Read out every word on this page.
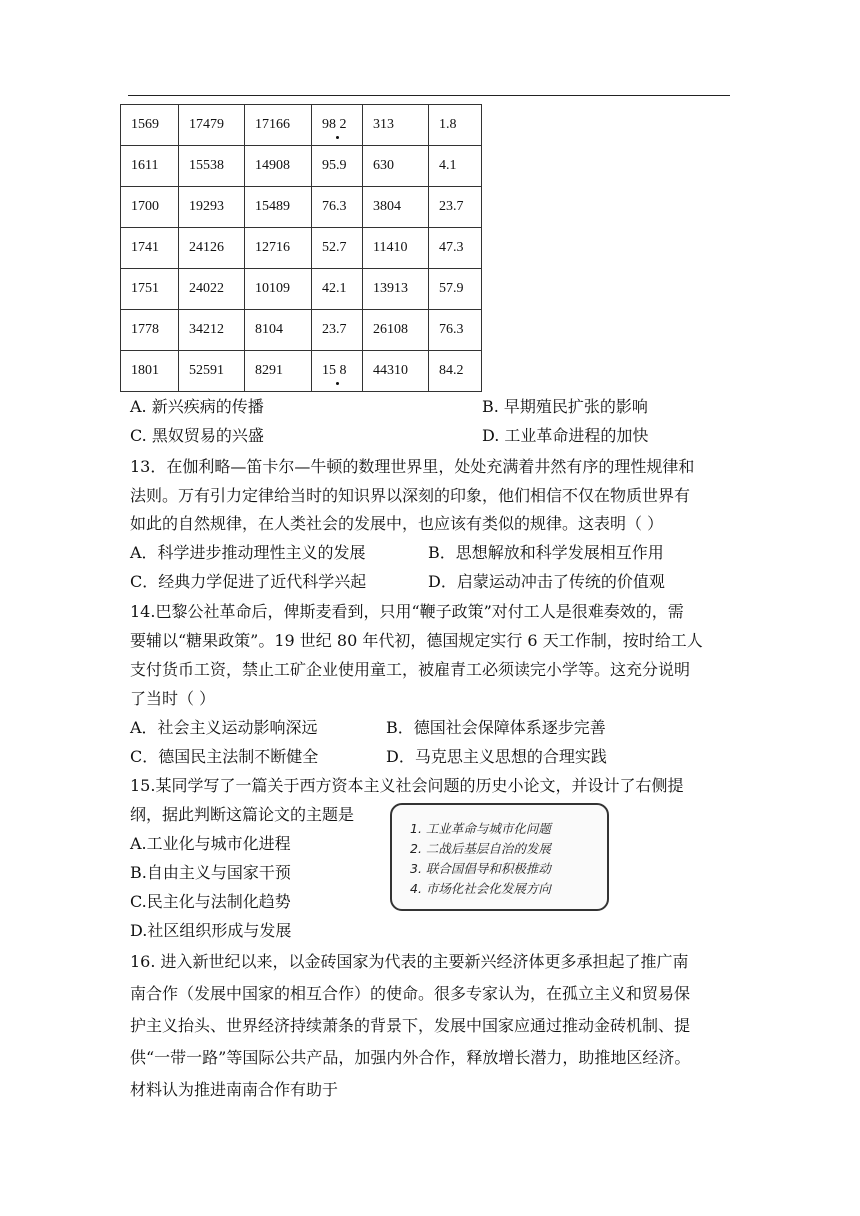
1569	17479	17166	98 2	313	1.8
1611	15538	14908	95.9	630	4.1
1700	19293	15489	76.3	3804	23.7
1741	24126	12716	52.7	11410	47.3
1751	24022	10109	42.1	13913	57.9
1778	34212	8104	23.7	26108	76.3
1801	52591	8291	15 8	44310	84.2
A. 新兴疾病的传播	B. 早期殖民扩张的影响
C. 黑奴贸易的兴盛	D. 工业革命进程的加快
13．在伽利略—笛卡尔—牛顿的数理世界里，处处充满着井然有序的理性规律和
法则。万有引力定律给当时的知识界以深刻的印象，他们相信不仅在物质世界有
如此的自然规律，在人类社会的发展中，也应该有类似的规律。这表明（ ）
A．科学进步推动理性主义的发展	B．思想解放和科学发展相互作用
C．经典力学促进了近代科学兴起	D．启蒙运动冲击了传统的价值观
14.巴黎公社革命后，俾斯麦看到，只用“鞭子政策”对付工人是很难奏效的，需
要辅以“糖果政策”。19 世纪 80 年代初，德国规定实行 6 天工作制，按时给工人
支付货币工资，禁止工矿企业使用童工，被雇青工必须读完小学等。这充分说明
了当时（ ）
A．社会主义运动影响深远	B．德国社会保障体系逐步完善
C．德国民主法制不断健全	D．马克思主义思想的合理实践
15.某同学写了一篇关于西方资本主义社会问题的历史小论文，并设计了右侧提
纲，据此判断这篇论文的主题是
A.工业化与城市化进程
B.自由主义与国家干预
C.民主化与法制化趋势
D.社区组织形成与发展
1. 工业革命与城市化问题
2. 二战后基层自治的发展
3. 联合国倡导和积极推动
4. 市场化社会化发展方向
16. 进入新世纪以来，以金砖国家为代表的主要新兴经济体更多承担起了推广南
南合作（发展中国家的相互合作）的使命。很多专家认为，在孤立主义和贸易保
护主义抬头、世界经济持续萧条的背景下，发展中国家应通过推动金砖机制、提
供“一带一路”等国际公共产品，加强内外合作，释放增长潜力，助推地区经济。
材料认为推进南南合作有助于
